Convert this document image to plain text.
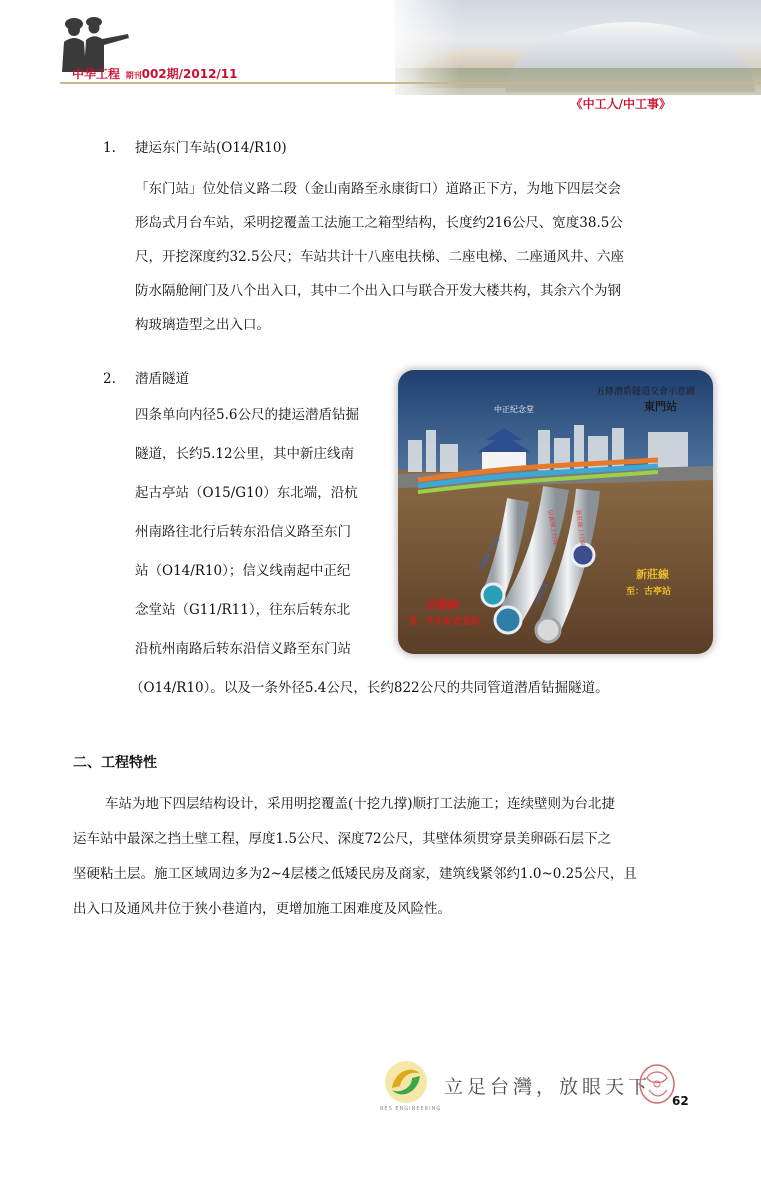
中华工程 期刊002期/2012/11
《中工人/中工事》
1. 捷运东门车站(O14/R10)
「东门站」位处信义路二段（金山南路至永康街口）道路正下方，为地下四层交会
形岛式月台车站，采明挖覆盖工法施工之箱型结构，长度约216公尺、宽度38.5公
尺，开挖深度约32.5公尺；车站共计十八座电扶梯、二座电梯、二座通风井、六座
防水隔舱闸门及八个出入口，其中二个出入口与联合开发大楼共构，其余六个为钢
构玻璃造型之出入口。
2. 潜盾隧道
四条单向内径5.6公尺的捷运潜盾钻掘
隧道，长约5.12公里，其中新庄线南
起古亭站（O15/G10）东北端，沿杭
州南路往北行后转东沿信义路至东门
站（O14/R10）；信义线南起中正纪
念堂站（G11/R11），往东后转东北
沿杭州南路后转东沿信义路至东门站
（O14/R10）。以及一条外径5.4公尺，长约822公尺的共同管道潜盾钻掘隧道。
五條潛盾隧道交會示意圖
東門站
中正紀念堂
信義線
至：中正紀念堂站
新莊線
至：古亭站
信義線上行線 新莊線上行線
信義線下行線
共同管道
二、工程特性
车站为地下四层结构设计，采用明挖覆盖(十挖九撑)顺打工法施工；连续壁则为台北捷
运车站中最深之挡土壁工程，厚度1.5公尺、深度72公尺，其壁体须贯穿景美卵砾石层下之
坚硬粘土层。施工区域周边多为2~4层楼之低矮民房及商家，建筑线紧邻约1.0~0.25公尺，且
出入口及通风井位于狭小巷道内，更增加施工困难度及风险性。
BES ENGINEERING
立足台灣，放眼天下
62
